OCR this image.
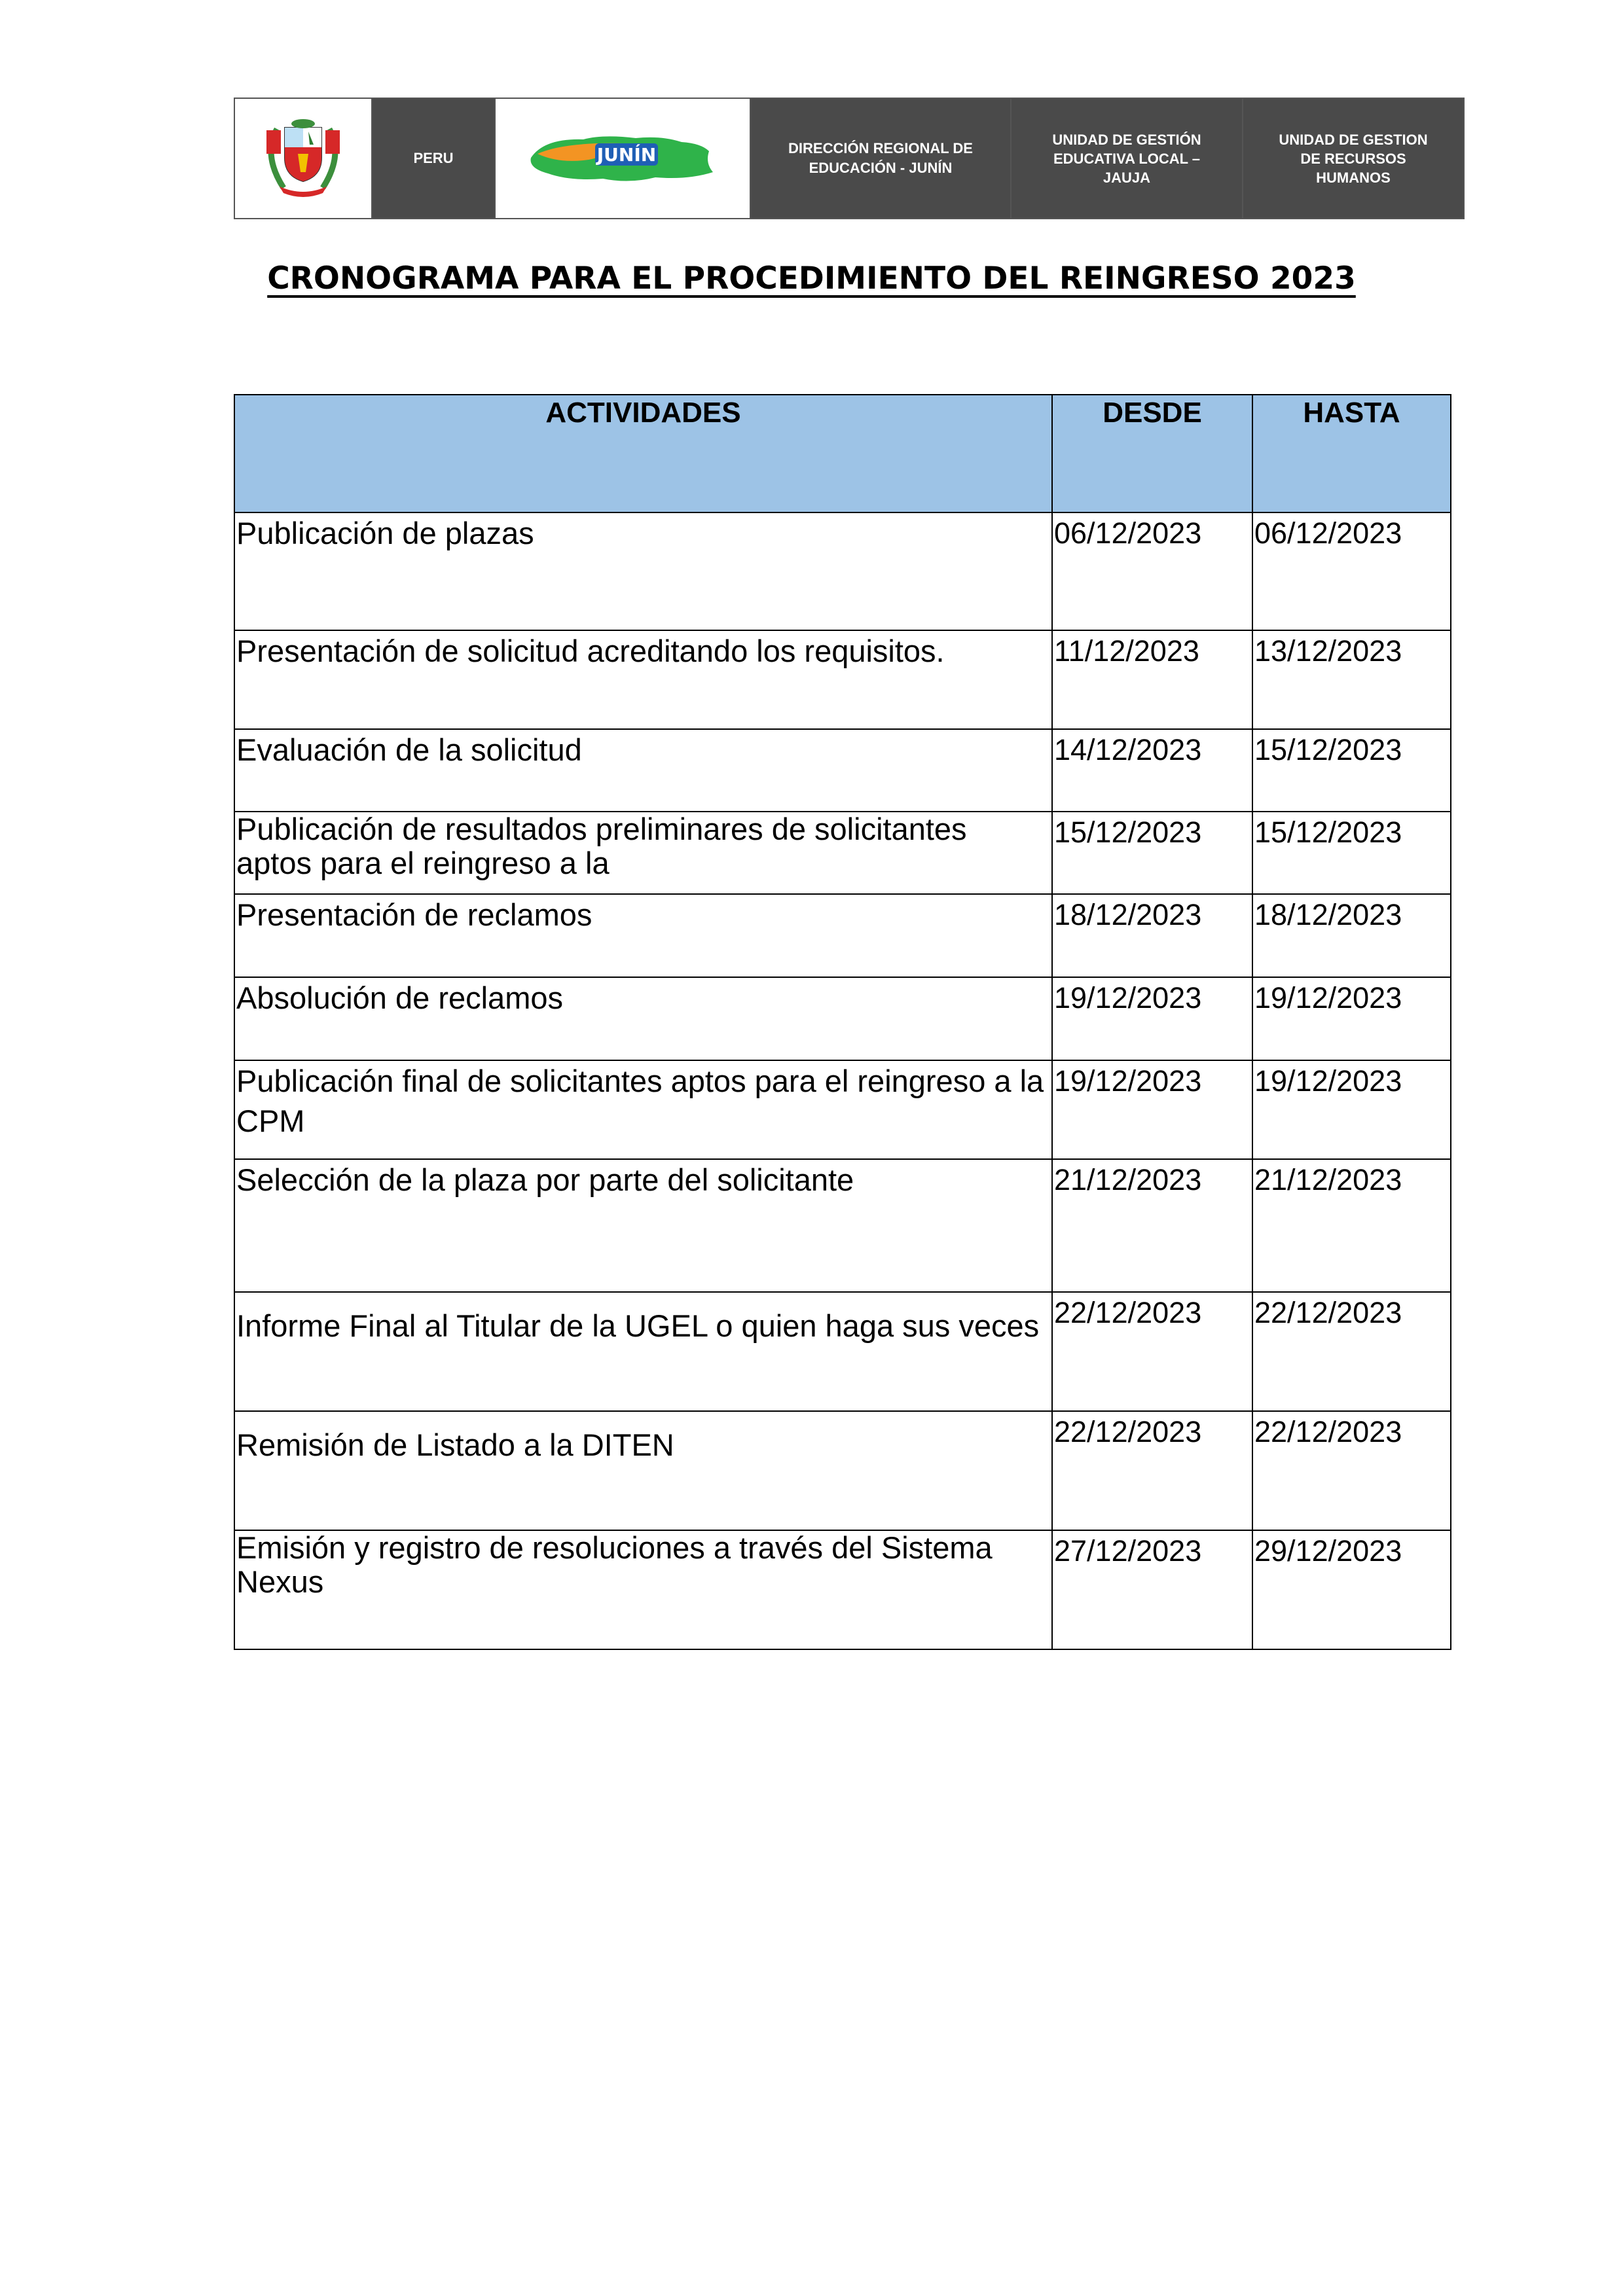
PERU	JUNÍN	DIRECCIÓN REGIONAL DE EDUCACIÓN - JUNÍN
UNIDAD DE GESTIÓN EDUCATIVA LOCAL – JAUJA
UNIDAD DE GESTION DE RECURSOS HUMANOS
CRONOGRAMA PARA EL PROCEDIMIENTO DEL REINGRESO 2023
ACTIVIDADES	DESDE	HASTA
Publicación de plazas	06/12/2023	06/12/2023
Presentación de solicitud acreditando los requisitos.	11/12/2023	13/12/2023
Evaluación de la solicitud	14/12/2023	15/12/2023
Publicación de resultados preliminares de solicitantes aptos para el reingreso a la	15/12/2023	15/12/2023
Presentación de reclamos	18/12/2023	18/12/2023
Absolución de reclamos	19/12/2023	19/12/2023
Publicación final de solicitantes aptos para el reingreso a la CPM	19/12/2023	19/12/2023
Selección de la plaza por parte del solicitante	21/12/2023	21/12/2023
Informe Final al Titular de la UGEL o quien haga sus veces	22/12/2023	22/12/2023
Remisión de Listado a la DITEN	22/12/2023	22/12/2023
Emisión y registro de resoluciones a través del Sistema Nexus	27/12/2023	29/12/2023
